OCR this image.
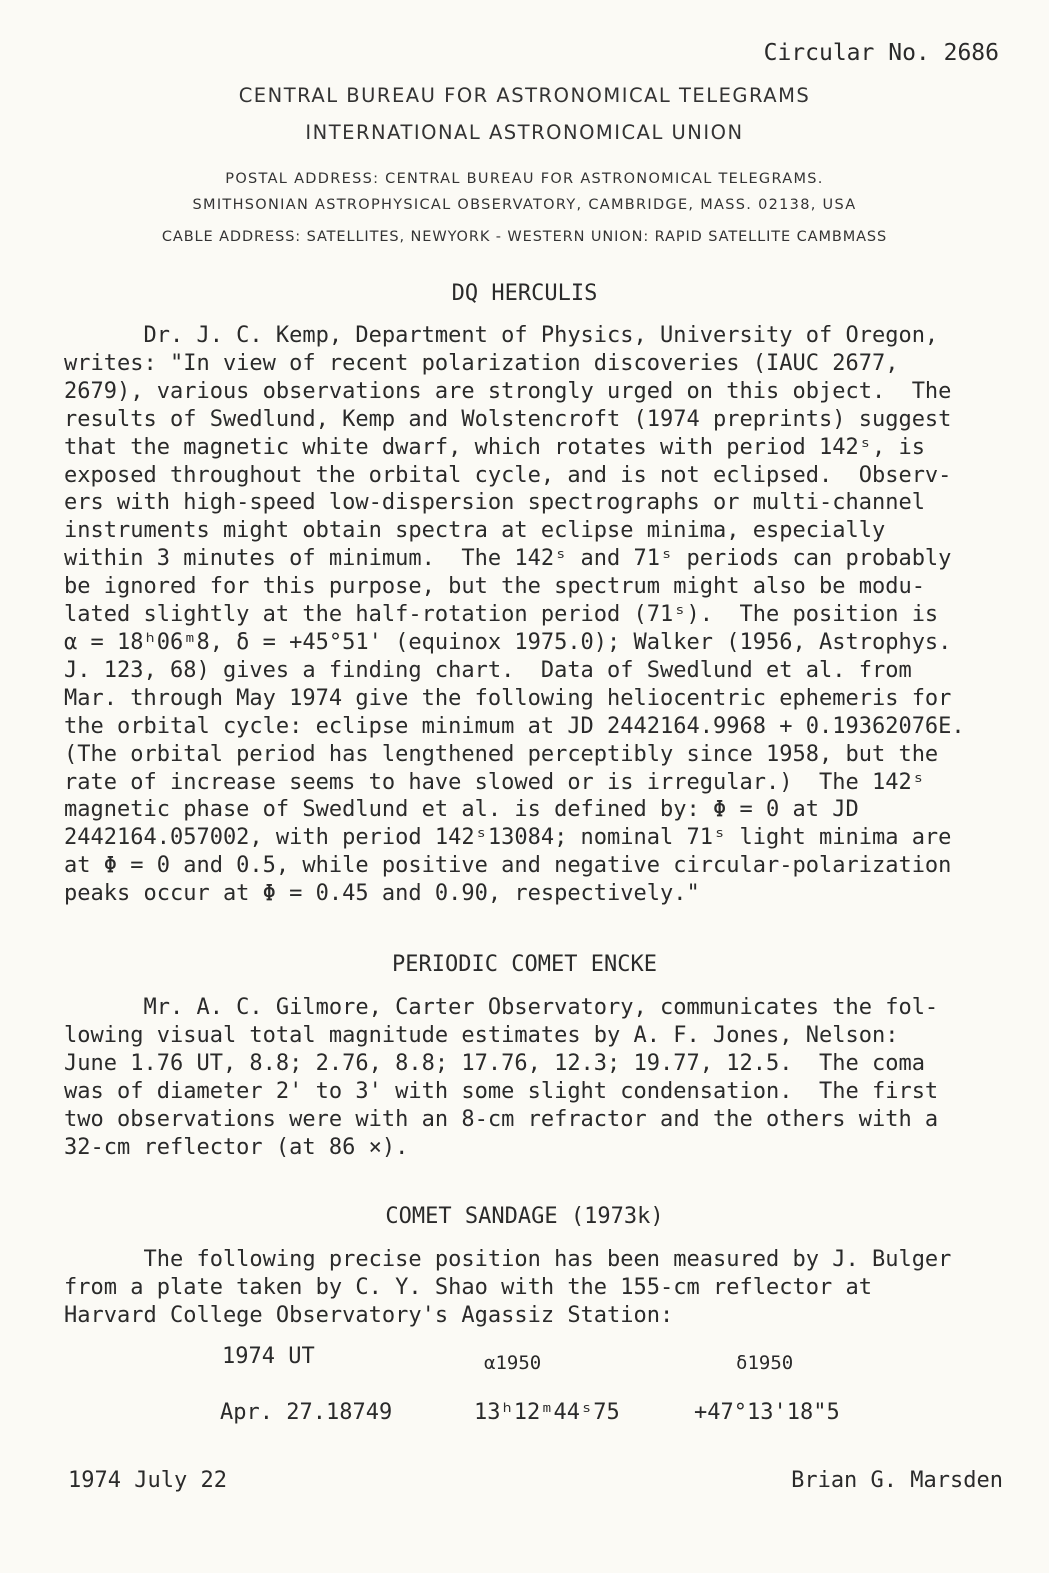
Circular No. 2686
CENTRAL BUREAU FOR ASTRONOMICAL TELEGRAMS
INTERNATIONAL ASTRONOMICAL UNION
POSTAL ADDRESS: CENTRAL BUREAU FOR ASTRONOMICAL TELEGRAMS.
SMITHSONIAN ASTROPHYSICAL OBSERVATORY, CAMBRIDGE, MASS. 02138, USA
CABLE ADDRESS: SATELLITES, NEWYORK - WESTERN UNION: RAPID SATELLITE CAMBMASS
DQ HERCULIS
Dr. J. C. Kemp, Department of Physics, University of Oregon,
writes: "In view of recent polarization discoveries (IAUC 2677,
2679), various observations are strongly urged on this object.  The
results of Swedlund, Kemp and Wolstencroft (1974 preprints) suggest
that the magnetic white dwarf, which rotates with period 142ˢ, is
exposed throughout the orbital cycle, and is not eclipsed.  Observ-
ers with high-speed low-dispersion spectrographs or multi-channel
instruments might obtain spectra at eclipse minima, especially
within 3 minutes of minimum.  The 142ˢ and 71ˢ periods can probably
be ignored for this purpose, but the spectrum might also be modu-
lated slightly at the half-rotation period (71ˢ).  The position is
α = 18ʰ06ᵐ8, δ = +45°51' (equinox 1975.0); Walker (1956, Astrophys.
J. 123, 68) gives a finding chart.  Data of Swedlund et al. from
Mar. through May 1974 give the following heliocentric ephemeris for
the orbital cycle: eclipse minimum at JD 2442164.9968 + 0.19362076E.
(The orbital period has lengthened perceptibly since 1958, but the
rate of increase seems to have slowed or is irregular.)  The 142ˢ
magnetic phase of Swedlund et al. is defined by: Φ = 0 at JD
2442164.057002, with period 142ˢ13084; nominal 71ˢ light minima are
at Φ = 0 and 0.5, while positive and negative circular-polarization
peaks occur at Φ = 0.45 and 0.90, respectively."
PERIODIC COMET ENCKE
Mr. A. C. Gilmore, Carter Observatory, communicates the fol-
lowing visual total magnitude estimates by A. F. Jones, Nelson:
June 1.76 UT, 8.8; 2.76, 8.8; 17.76, 12.3; 19.77, 12.5.  The coma
was of diameter 2' to 3' with some slight condensation.  The first
two observations were with an 8-cm refractor and the others with a
32-cm reflector (at 86 ×).
COMET SANDAGE (1973k)
The following precise position has been measured by J. Bulger
from a plate taken by C. Y. Shao with the 155-cm reflector at
Harvard College Observatory's Agassiz Station:
1974 UT	α1950	δ1950
Apr. 27.18749	13ʰ12ᵐ44ˢ75	+47°13'18"5
1974 July 22	Brian G. Marsden
